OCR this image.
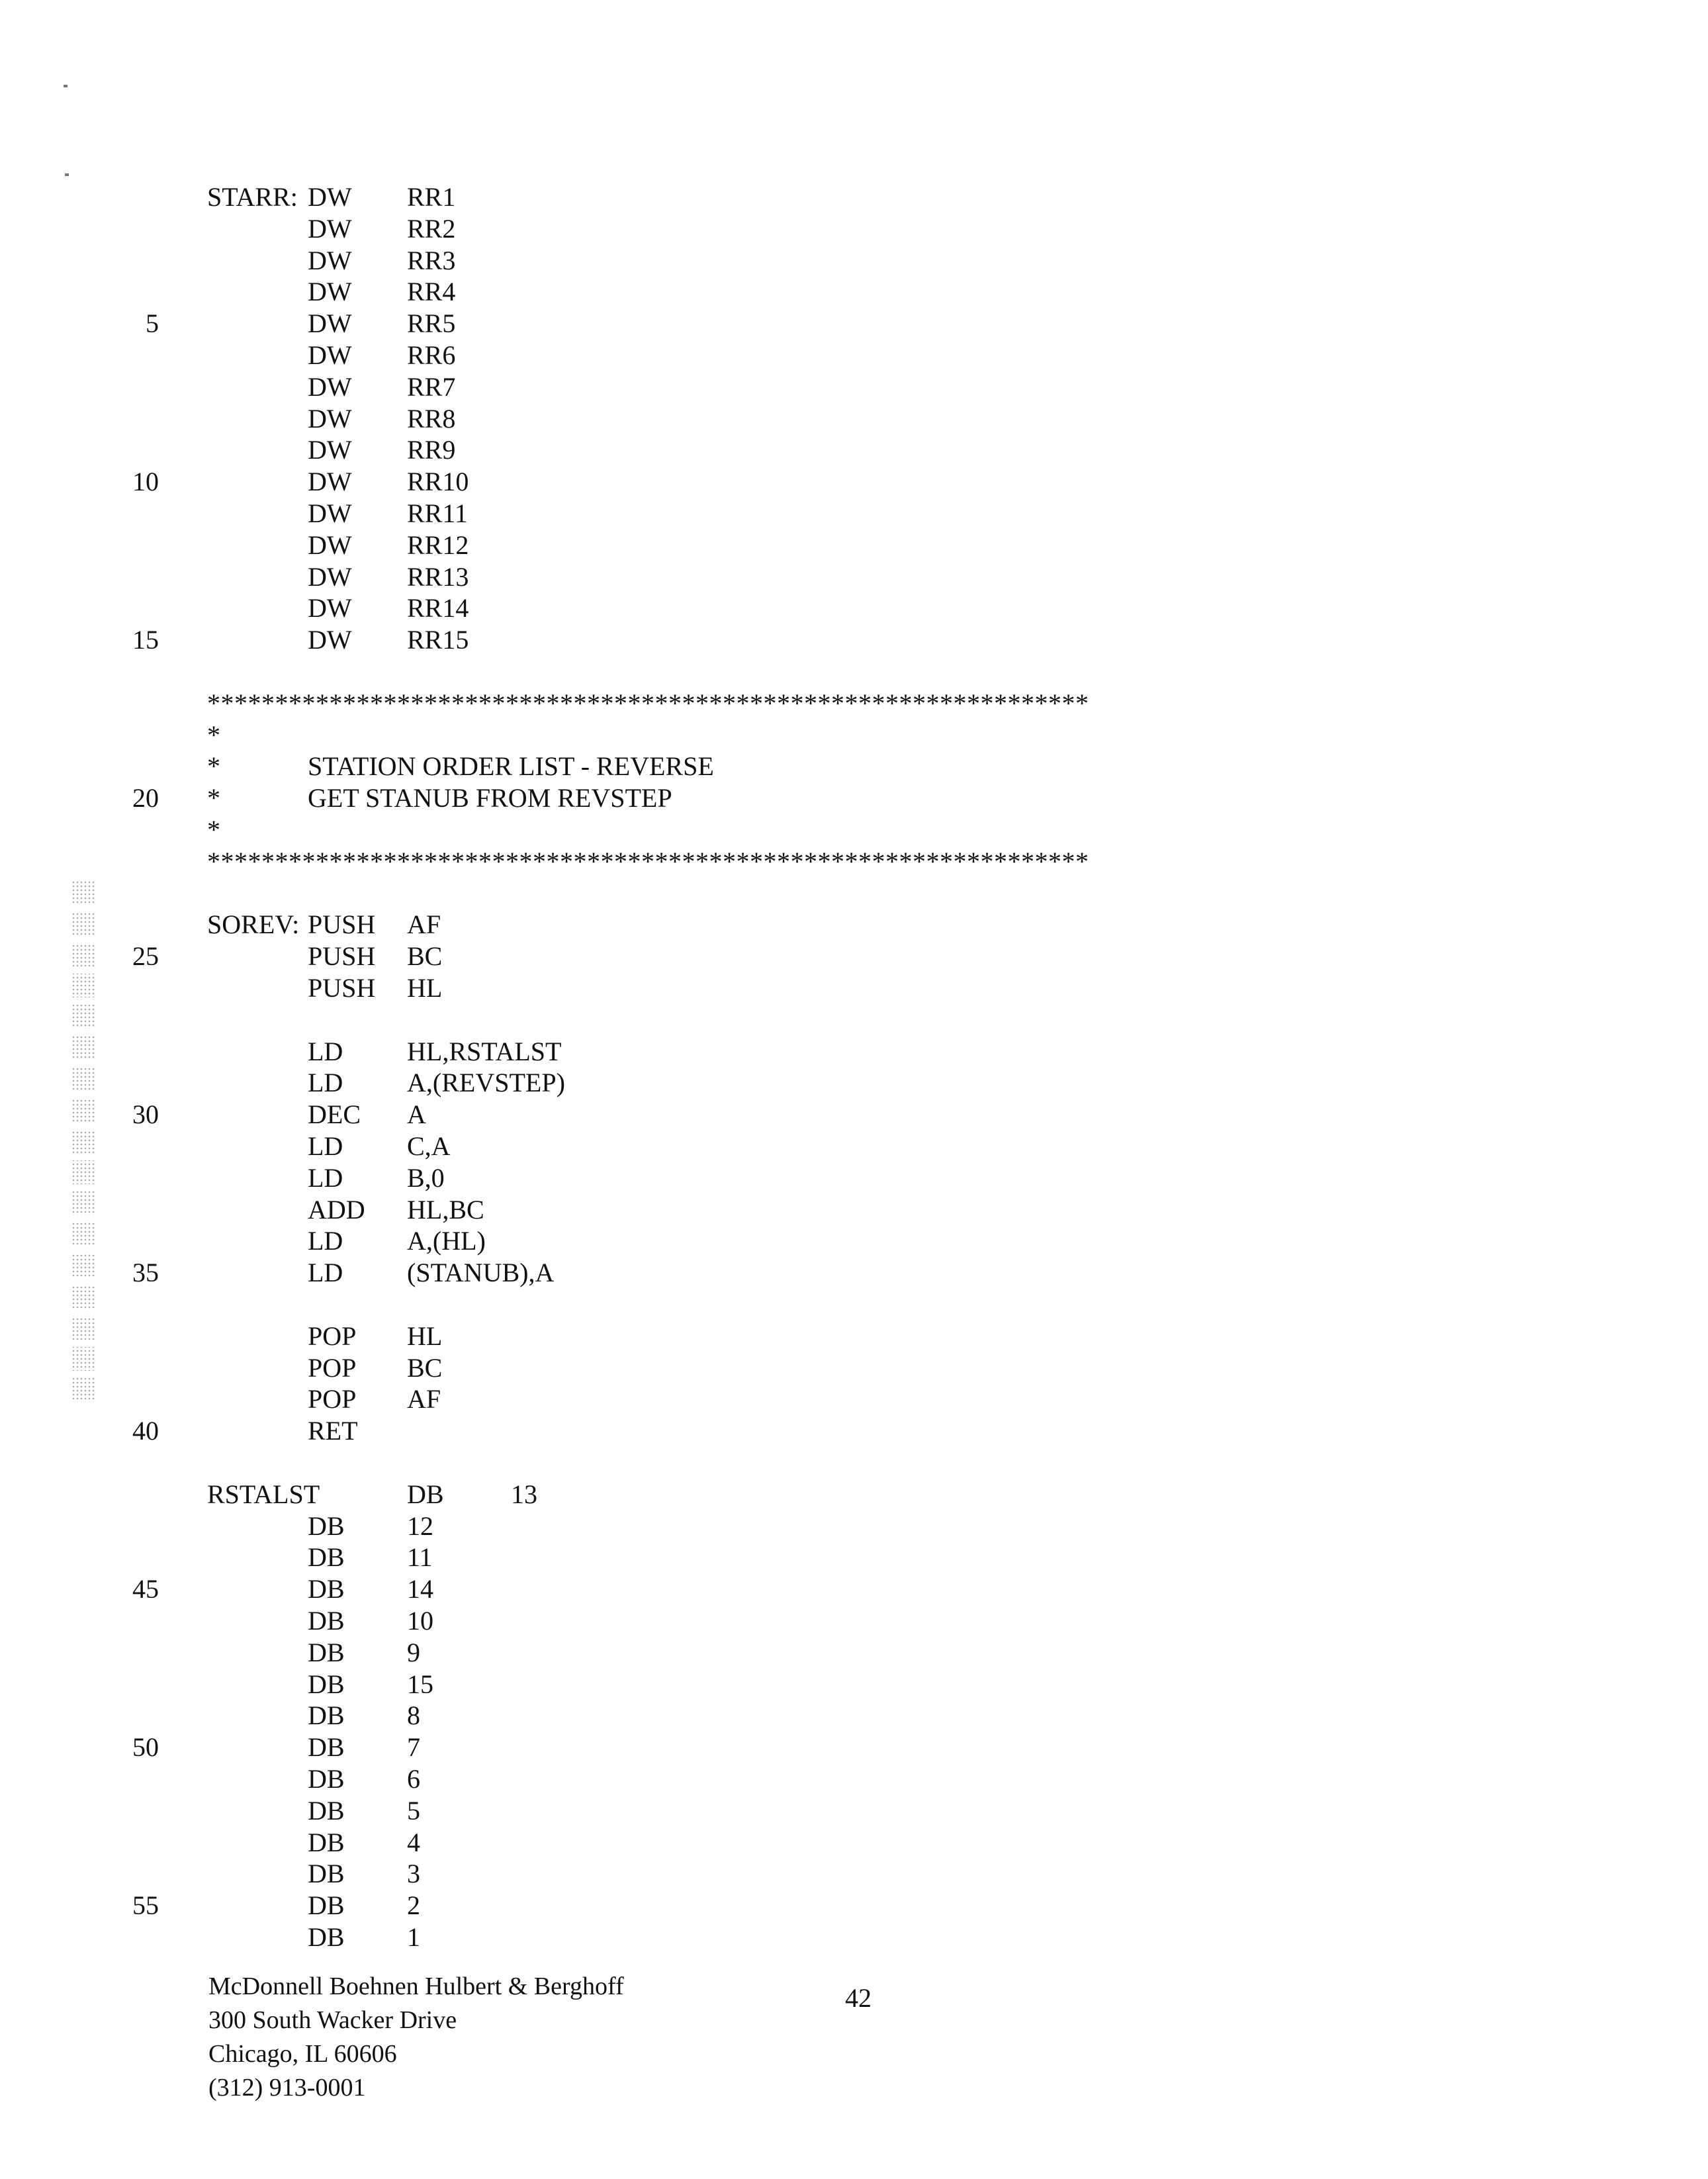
STARR: DW RR1
DW RR2
DW RR3
DW RR4
5	DW RR5
DW RR6
DW RR7
DW RR8
DW RR9
10	DW RR10
DW RR11
DW RR12
DW RR13
DW RR14
15	DW RR15
*****************************************************************
*
*	STATION ORDER LIST - REVERSE
20 *	GET STANUB FROM REVSTEP
*
*****************************************************************
SOREV: PUSH AF
25	PUSH BC
PUSH HL
LD HL,RSTALST
LD A,(REVSTEP)
30	DEC A
LD C,A
LD B,0
ADD HL,BC
LD A,(HL)
35	LD (STANUB),A
POP HL
POP BC
POP AF
40	RET
RSTALST	DB	13
DB 12
DB 11
45	DB 14
DB 10
DB 9
DB 15
DB 8
50	DB 7
DB 6
DB 5
DB 4
DB 3
55	DB 2
DB 1
McDonnell Boehnen Hulbert & Berghoff
300 South Wacker Drive
Chicago, IL 60606
(312) 913-0001
42
